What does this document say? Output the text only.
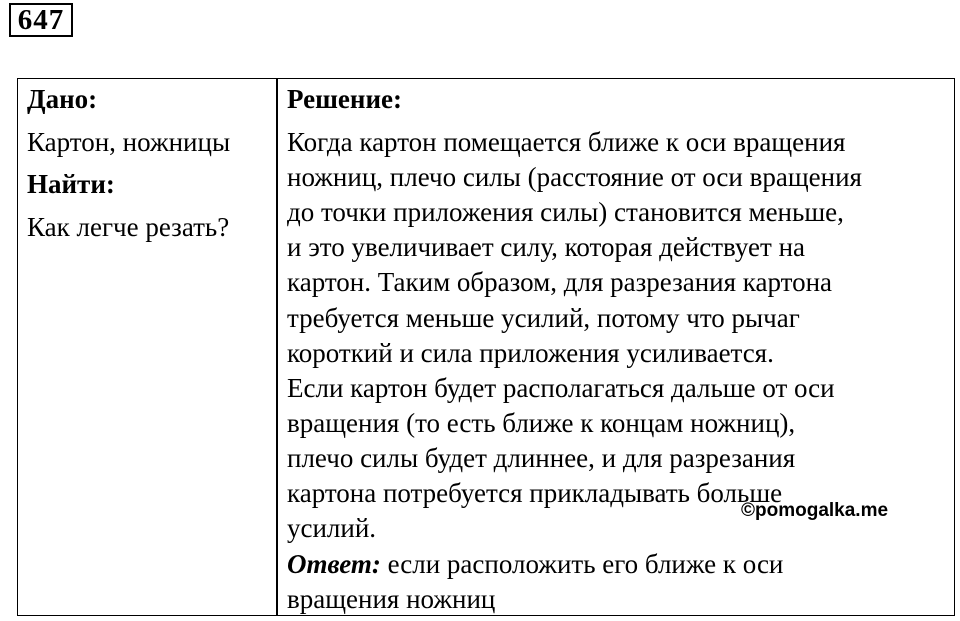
647
Дано:
Картон, ножницы
Найти:
Как легче резать?
Решение:
Когда картон помещается ближе к оси вращения
ножниц, плечо силы (расстояние от оси вращения
до точки приложения силы) становится меньше,
и это увеличивает силу, которая действует на
картон. Таким образом, для разрезания картона
требуется меньше усилий, потому что рычаг
короткий и сила приложения усиливается.
Если картон будет располагаться дальше от оси
вращения (то есть ближе к концам ножниц),
плечо силы будет длиннее, и для разрезания
картона потребуется прикладывать больше
усилий.
Ответ: если расположить его ближе к оси
вращения ножниц
©pomogalka.me
